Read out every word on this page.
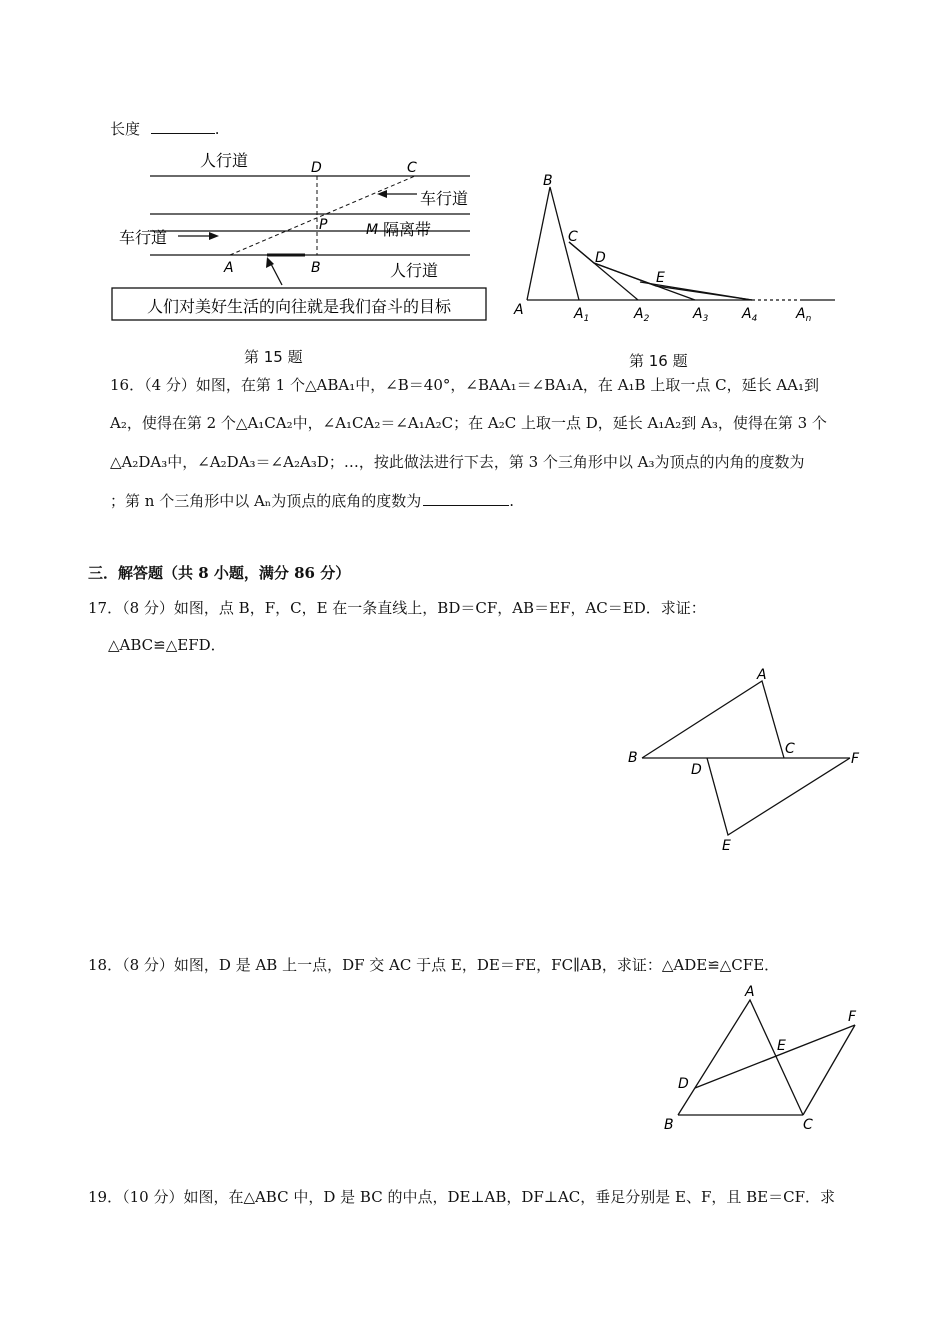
长度	.
人行道
车行道
车行道	隔离带
人行道
人们对美好生活的向往就是我们奋斗的目标
D	C
P	M
A	B
第 15 题
B
C
D
E
A	$A_1$	$A_2$	$A_3$ $A_4$	$A_n$
第 16 题
16．（4 分）如图，在第 1 个△ABA₁中，∠B＝40°，∠BAA₁＝∠BA₁A，在 A₁B 上取一点 C，延长 AA₁到
A₂，使得在第 2 个△A₁CA₂中，∠A₁CA₂＝∠A₁A₂C；在 A₂C 上取一点 D，延长 A₁A₂到 A₃，使得在第 3 个
△A₂DA₃中，∠A₂DA₃＝∠A₂A₃D；…，按此做法进行下去，第 3 个三角形中以 A₃为顶点的内角的度数为
；第 n 个三角形中以 Aₙ为顶点的底角的度数为	.
三．解答题（共 8 小题，满分 86 分）
17．（8 分）如图，点 B，F，C，E 在一条直线上，BD＝CF，AB＝EF，AC＝ED．求证：
△ABC≌△EFD．
A
B
C
D
E
F
18．（8 分）如图，D 是 AB 上一点，DF 交 AC 于点 E，DE＝FE，FC∥AB，求证：△ADE≌△CFE．
A
B	C
D
E
F
19．（10 分）如图，在△ABC 中，D 是 BC 的中点，DE⊥AB，DF⊥AC，垂足分别是 E、F，且 BE＝CF．求
